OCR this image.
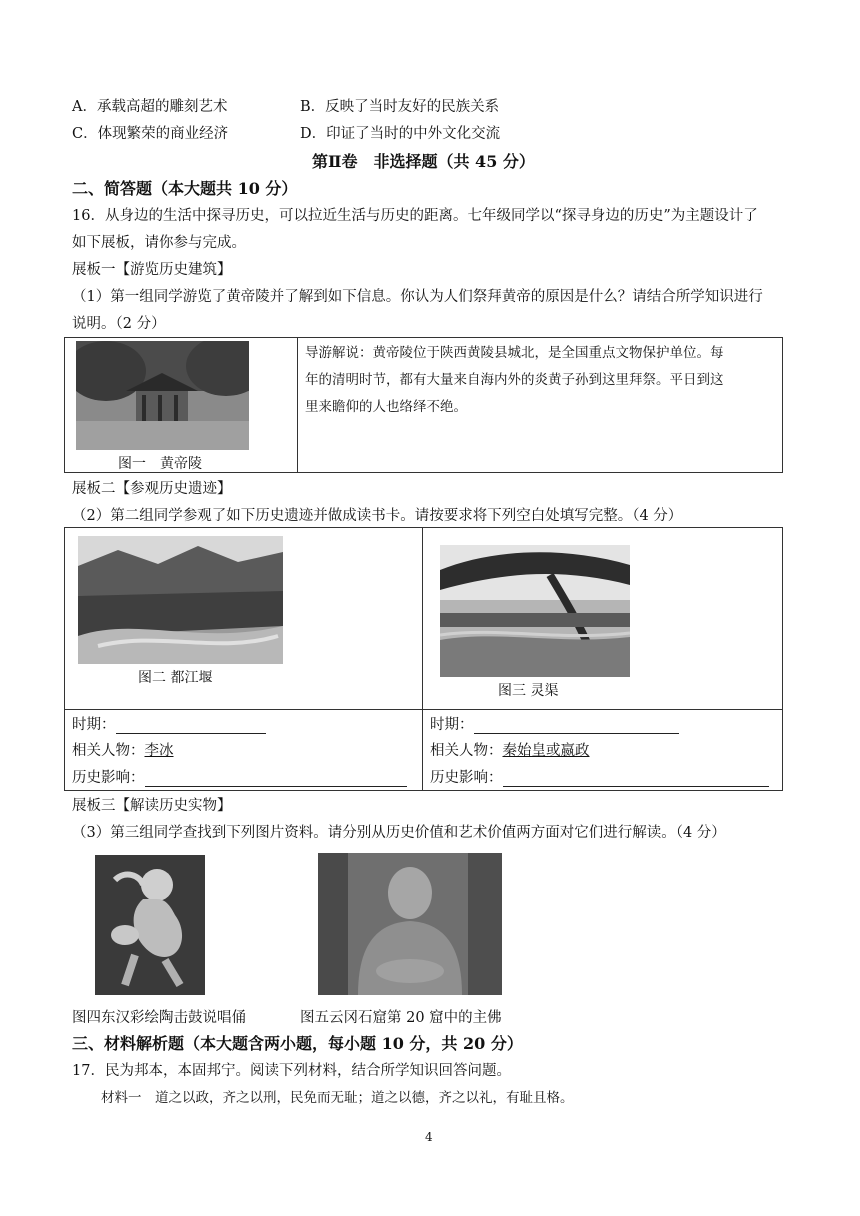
A．承载高超的雕刻艺术	B．反映了当时友好的民族关系
C．体现繁荣的商业经济	D．印证了当时的中外文化交流
第Ⅱ卷　非选择题（共 45 分）
二、简答题（本大题共 10 分）
16．从身边的生活中探寻历史，可以拉近生活与历史的距离。七年级同学以“探寻身边的历史”为主题设计了
如下展板，请你参与完成。
展板一【游览历史建筑】
（1）第一组同学游览了黄帝陵并了解到如下信息。你认为人们祭拜黄帝的原因是什么？请结合所学知识进行
说明。（2 分）

图一　黄帝陵
导游解说：黄帝陵位于陕西黄陵县城北，是全国重点文物保护单位。每
年的清明时节，都有大量来自海内外的炎黄子孙到这里拜祭。平日到这
里来瞻仰的人也络绎不绝。
展板二【参观历史遗迹】
（2）第二组同学参观了如下历史遗迹并做成读书卡。请按要求将下列空白处填写完整。（4 分）

图二 都江堰
图三 灵渠
时期：
相关人物：李冰
历史影响：
时期：
相关人物：秦始皇或嬴政
历史影响：
展板三【解读历史实物】
（3）第三组同学查找到下列图片资料。请分别从历史价值和艺术价值两方面对它们进行解读。（4 分）
图四东汉彩绘陶击鼓说唱俑	图五云冈石窟第 20 窟中的主佛
三、材料解析题（本大题含两小题，每小题 10 分，共 20 分）
17．民为邦本，本固邦宁。阅读下列材料，结合所学知识回答问题。
材料一　道之以政，齐之以刑，民免而无耻；道之以德，齐之以礼，有耻且格。
4
